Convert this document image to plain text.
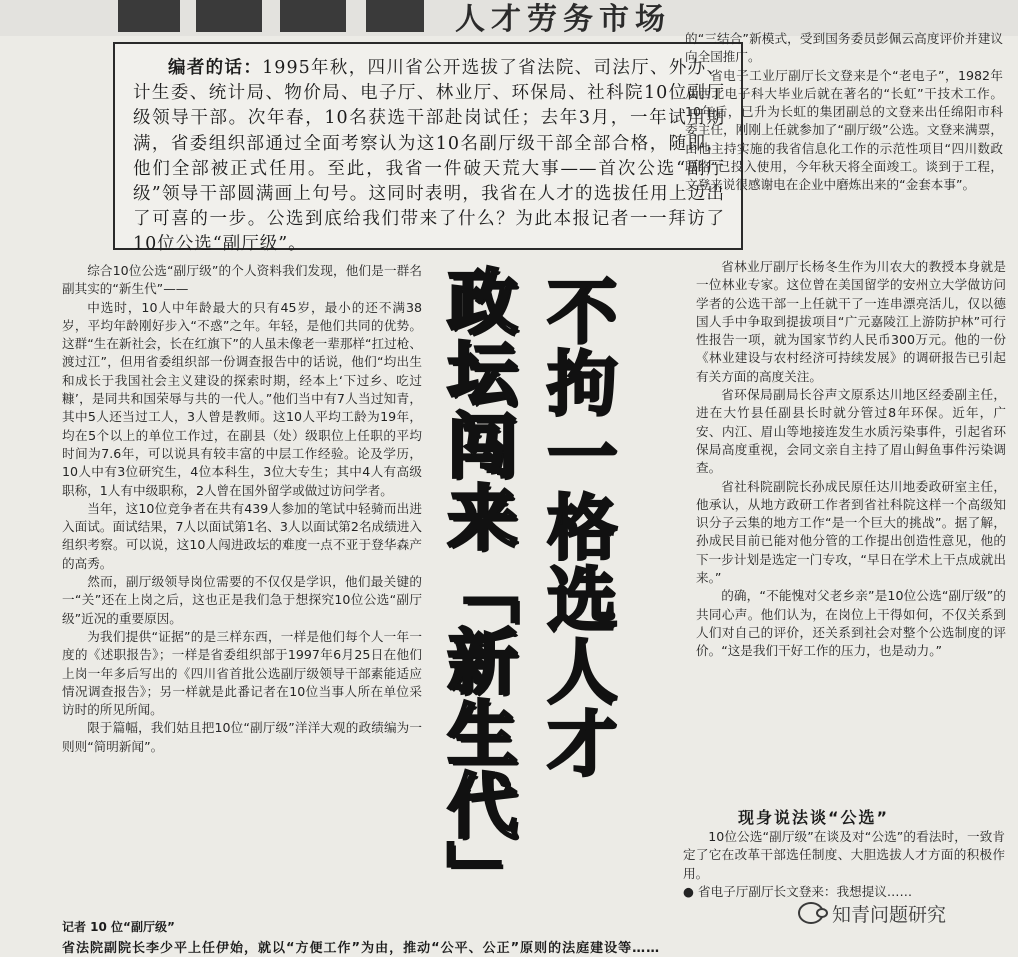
人才劳务市场

编者的话：1995年秋，四川省公开选拔了省法院、司法厅、外办、计生委、统计局、物价局、电子厅、林业厅、环保局、社科院10位副厅级领导干部。次年春，10名获选干部赴岗试任；去年3月，一年试用期满，省委组织部通过全面考察认为这10名副厅级干部全部合格，随即，他们全部被正式任用。至此，我省一件破天荒大事——首次公选“副厅级”领导干部圆满画上句号。这同时表明，我省在人才的选拔任用上迈出了可喜的一步。公选到底给我们带来了什么？为此本报记者一一拜访了10位公选“副厅级”。

的“三结合”新模式，受到国务委员彭佩云高度评价并建议向全国推广。

省电子工业厅副厅长文登来是个“老电子”，1982年从西北电子科大毕业后就在著名的“长虹”干技术工作。10年后，已升为长虹的集团副总的文登来出任绵阳市科委主任，刚刚上任就参加了“副厅级”公选。文登来满票，由他主持实施的我省信息化工作的示范性项目“四川数政联络”已投入使用，今年秋天将全面竣工。谈到于工程，文登来说很感谢电在企业中磨炼出来的“金套本事”。

省林业厅副厅长杨冬生作为川农大的教授本身就是一位林业专家。这位曾在美国留学的安州立大学做访问学者的公选干部一上任就干了一连串漂亮活儿，仅以德国人手中争取到提拔项目“广元嘉陵江上游防护林”可行性报告一项，就为国家节约人民币300万元。他的一份《林业建设与农村经济可持续发展》的调研报告已引起有关方面的高度关注。

省环保局副局长谷声文原系达川地区经委副主任，进在大竹县任副县长时就分管过8年环保。近年，广安、内江、眉山等地接连发生水质污染事件，引起省环保局高度重视，会同文亲自主持了眉山鲟鱼事件污染调查。

省社科院副院长孙成民原任达川地委政研室主任，他承认，从地方政研工作者到省社科院这样一个高级知识分子云集的地方工作“是一个巨大的挑战”。据了解，孙成民目前已能对他分管的工作提出创造性意见，他的下一步计划是选定一门专攻，“早日在学术上干点成就出来。”

的确，“不能愧对父老乡亲”是10位公选“副厅级”的共同心声。他们认为，在岗位上干得如何，不仅关系到人们对自己的评价，还关系到社会对整个公选制度的评价。“这是我们干好工作的压力，也是动力。”

现身说法谈“公选”

10位公选“副厅级”在谈及对“公选”的看法时，一致肯定了它在改革干部选任制度、大胆选拔人才方面的积极作用。

● 省电子厅副厅长文登来：我想提议……

综合10位公选“副厅级”的个人资料我们发现，他们是一群名副其实的“新生代”——

中选时，10人中年龄最大的只有45岁，最小的还不满38岁，平均年龄刚好步入“不惑”之年。年轻，是他们共同的优势。这群“生在新社会，长在红旗下”的人虽未像老一辈那样“扛过枪、渡过江”，但用省委组织部一份调查报告中的话说，他们“均出生和成长于我国社会主义建设的探索时期，经本上‘下过乡、吃过糠’，是同共和国荣辱与共的一代人。”他们当中有7人当过知青，其中5人还当过工人，3人曾是教师。这10人平均工龄为19年，均在5个以上的单位工作过，在副县（处）级职位上任职的平均时间为7.6年，可以说具有较丰富的中层工作经验。论及学历，10人中有3位研究生，4位本科生，3位大专生；其中4人有高级职称，1人有中级职称，2人曾在国外留学或做过访问学者。

当年，这10位竞争者在共有439人参加的笔试中轻骑而出进入面试。面试结果，7人以面试第1名、3人以面试第2名成绩进入组织考察。可以说，这10人闯进政坛的难度一点不亚于登华森产的高秀。

然而，副厅级领导岗位需要的不仅仅是学识，他们最关键的一“关”还在上岗之后，这也正是我们急于想探究10位公选“副厅级”近况的重要原因。

为我们提供“证据”的是三样东西，一样是他们每个人一年一度的《述职报告》；一样是省委组织部于1997年6月25日在他们上岗一年多后写出的《四川省首批公选副厅级领导干部素能适应情况调查报告》；另一样就是此番记者在10位当事人所在单位采访时的所见所闻。

限于篇幅，我们姑且把10位“副厅级”洋洋大观的政绩编为一则则“简明新闻”。	政坛闯来「新生代」 不拘一格选人才
记者 10 位“副厅级”
省法院副院长李少平上任伊始，就以“方便工作”为由，推动“公平、公正”原则的法庭建设等……
知青问题研究
